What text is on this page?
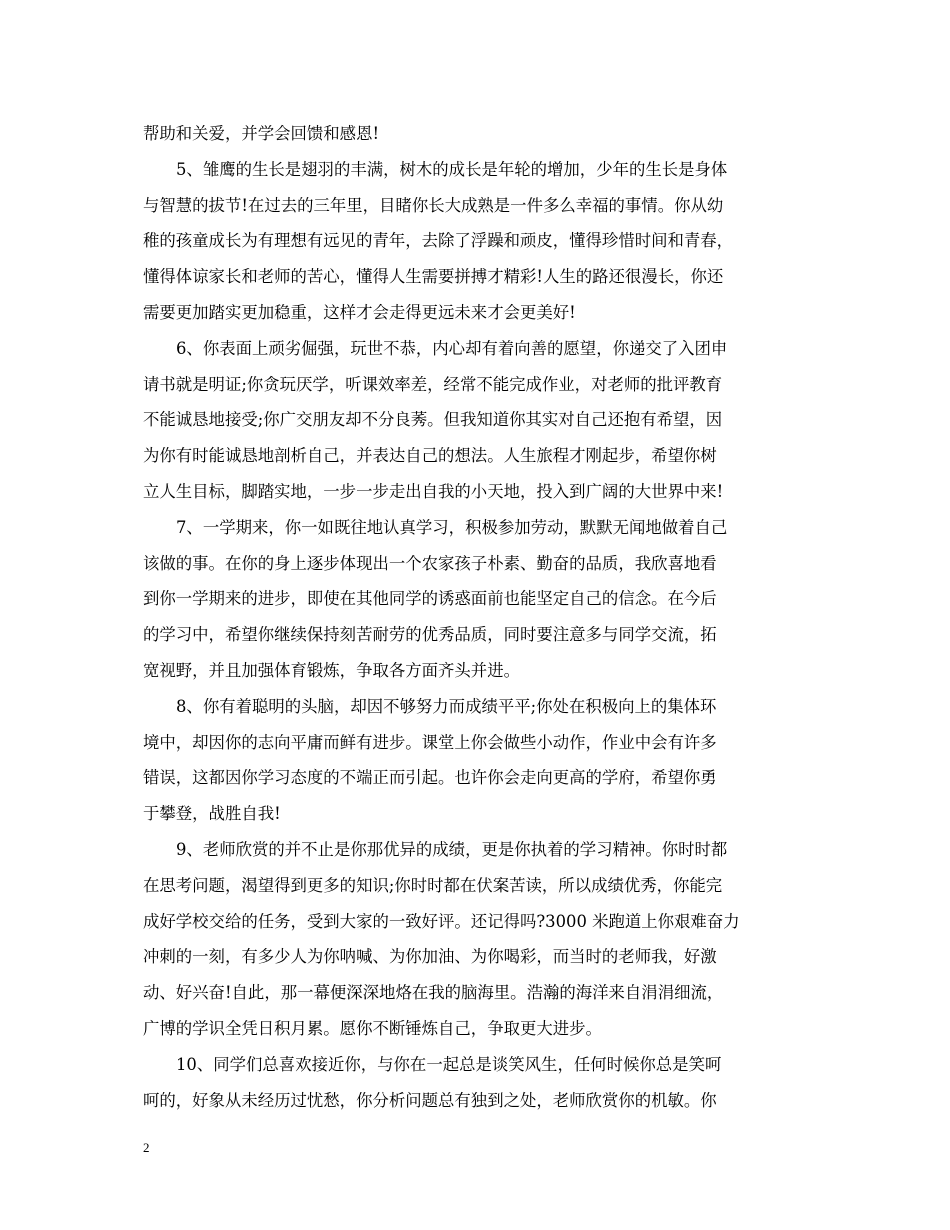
帮助和关爱，并学会回馈和感恩!
5、雏鹰的生长是翅羽的丰满，树木的成长是年轮的增加，少年的生长是身体
与智慧的拔节!在过去的三年里，目睹你长大成熟是一件多么幸福的事情。你从幼
稚的孩童成长为有理想有远见的青年，去除了浮躁和顽皮，懂得珍惜时间和青春，
懂得体谅家长和老师的苦心，懂得人生需要拼搏才精彩!人生的路还很漫长，你还
需要更加踏实更加稳重，这样才会走得更远未来才会更美好!
6、你表面上顽劣倔强，玩世不恭，内心却有着向善的愿望，你递交了入团申
请书就是明证;你贪玩厌学，听课效率差，经常不能完成作业，对老师的批评教育
不能诚恳地接受;你广交朋友却不分良莠。但我知道你其实对自己还抱有希望，因
为你有时能诚恳地剖析自己，并表达自己的想法。人生旅程才刚起步，希望你树
立人生目标，脚踏实地，一步一步走出自我的小天地，投入到广阔的大世界中来!
7、一学期来，你一如既往地认真学习，积极参加劳动，默默无闻地做着自己
该做的事。在你的身上逐步体现出一个农家孩子朴素、勤奋的品质，我欣喜地看
到你一学期来的进步，即使在其他同学的诱惑面前也能坚定自己的信念。在今后
的学习中，希望你继续保持刻苦耐劳的优秀品质，同时要注意多与同学交流，拓
宽视野，并且加强体育锻炼，争取各方面齐头并进。
8、你有着聪明的头脑，却因不够努力而成绩平平;你处在积极向上的集体环
境中，却因你的志向平庸而鲜有进步。课堂上你会做些小动作，作业中会有许多
错误，这都因你学习态度的不端正而引起。也许你会走向更高的学府，希望你勇
于攀登，战胜自我!
9、老师欣赏的并不止是你那优异的成绩，更是你执着的学习精神。你时时都
在思考问题，渴望得到更多的知识;你时时都在伏案苦读，所以成绩优秀，你能完
成好学校交给的任务，受到大家的一致好评。还记得吗?3000 米跑道上你艰难奋力
冲刺的一刻，有多少人为你呐喊、为你加油、为你喝彩，而当时的老师我，好激
动、好兴奋!自此，那一幕便深深地烙在我的脑海里。浩瀚的海洋来自涓涓细流，
广博的学识全凭日积月累。愿你不断锤炼自己，争取更大进步。
10、同学们总喜欢接近你，与你在一起总是谈笑风生，任何时候你总是笑呵
呵的，好象从未经历过忧愁，你分析问题总有独到之处，老师欣赏你的机敏。你
2
